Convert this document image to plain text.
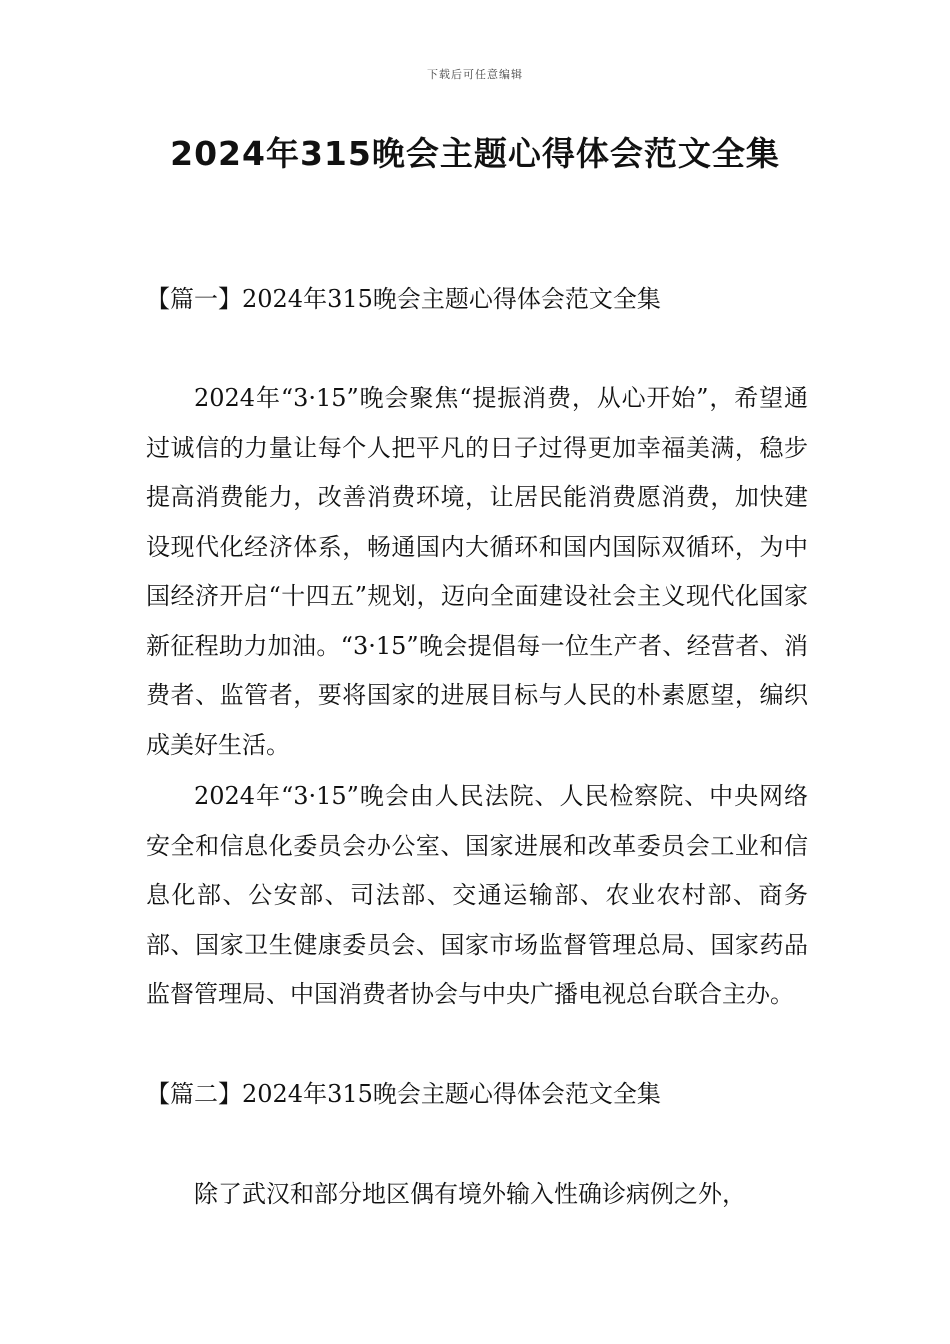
下载后可任意编辑
2024年315晚会主题心得体会范文全集
【篇一】2024年315晚会主题心得体会范文全集

2024年“3·15”晚会聚焦“提振消费，从心开始”，希望通过诚信的力量让每个人把平凡的日子过得更加幸福美满，稳步提高消费能力，改善消费环境，让居民能消费愿消费，加快建设现代化经济体系，畅通国内大循环和国内国际双循环，为中国经济开启“十四五”规划，迈向全面建设社会主义现代化国家新征程助力加油。“3·15”晚会提倡每一位生产者、经营者、消费者、监管者，要将国家的进展目标与人民的朴素愿望，编织成美好生活。

2024年“3·15”晚会由人民法院、人民检察院、中央网络安全和信息化委员会办公室、国家进展和改革委员会工业和信息化部、公安部、司法部、交通运输部、农业农村部、商务部、国家卫生健康委员会、国家市场监督管理总局、国家药品监督管理局、中国消费者协会与中央广播电视总台联合主办。

【篇二】2024年315晚会主题心得体会范文全集

除了武汉和部分地区偶有境外输入性确诊病例之外，
